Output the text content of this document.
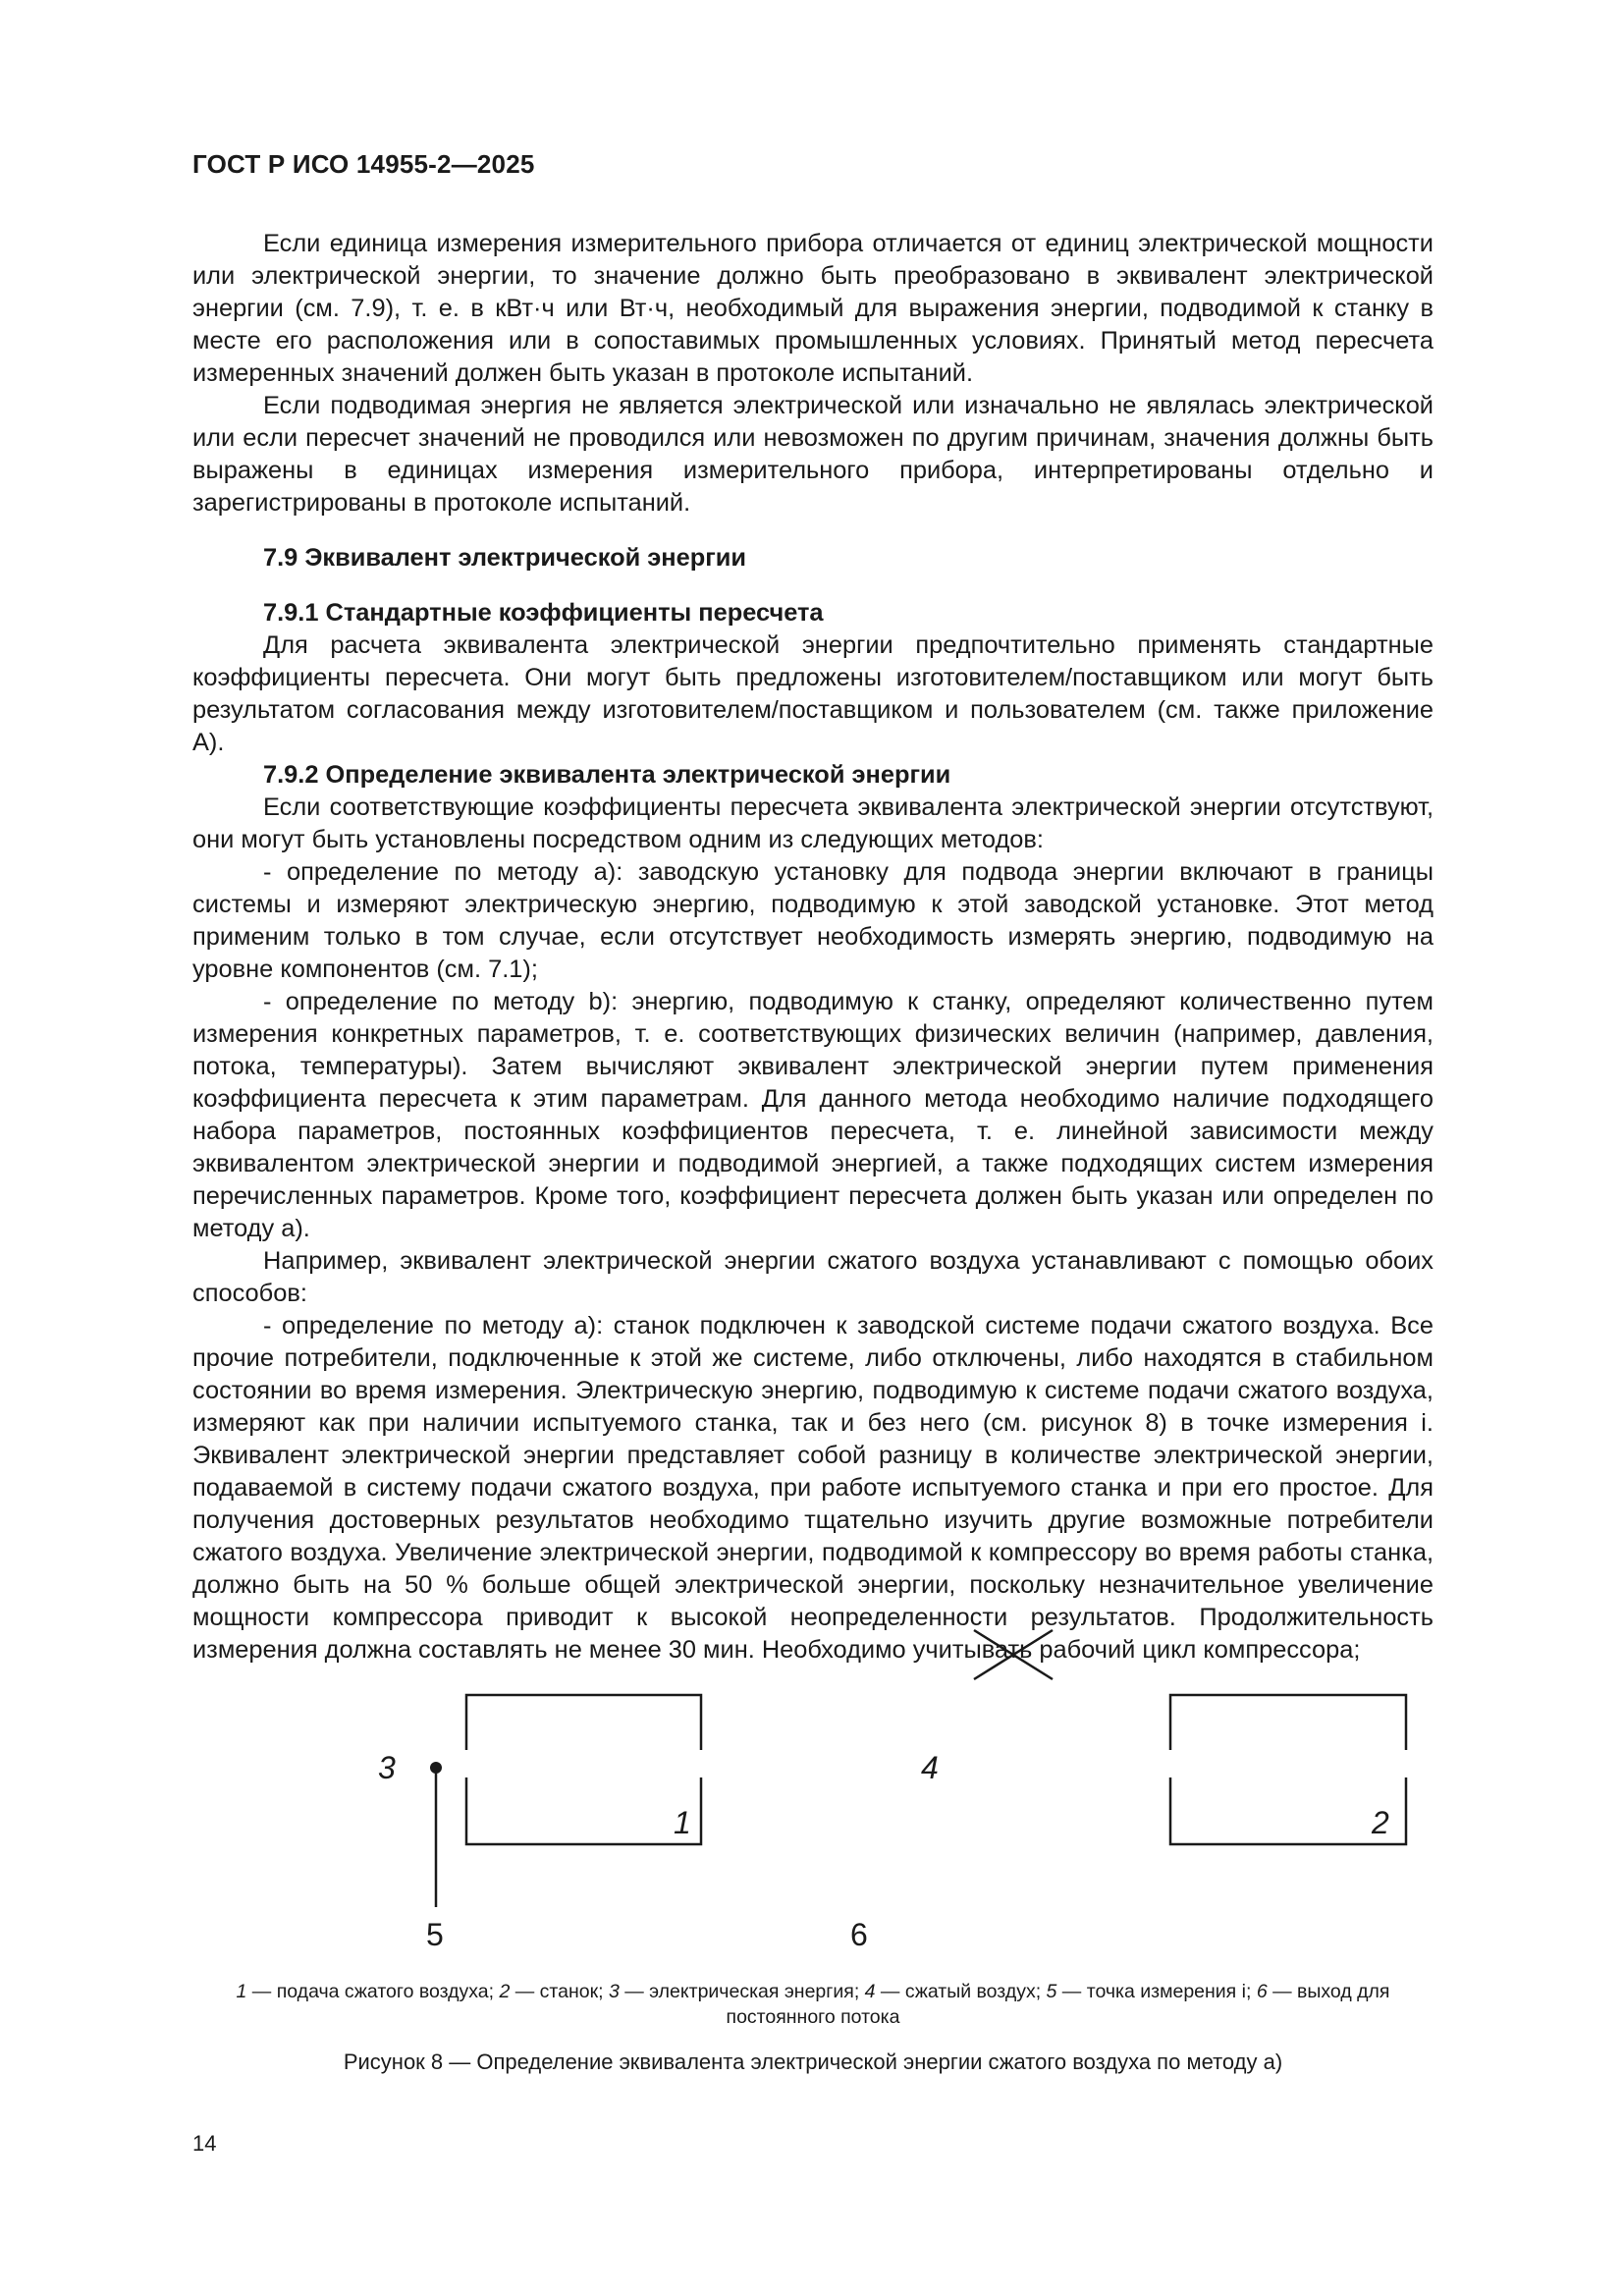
ГОСТ Р ИСО 14955-2—2025

Если единица измерения измерительного прибора отличается от единиц электрической мощности или электрической энергии, то значение должно быть преобразовано в эквивалент электрической энергии (см. 7.9), т. е. в кВт·ч или Вт·ч, необходимый для выражения энергии, подводимой к станку в месте его расположения или в сопоставимых промышленных условиях. Принятый метод пересчета измеренных значений должен быть указан в протоколе испытаний.

Если подводимая энергия не является электрической или изначально не являлась электрической или если пересчет значений не проводился или невозможен по другим причинам, значения должны быть выражены в единицах измерения измерительного прибора, интерпретированы отдельно и зарегистрированы в протоколе испытаний.

7.9 Эквивалент электрической энергии
7.9.1 Стандартные коэффициенты пересчета

Для расчета эквивалента электрической энергии предпочтительно применять стандартные коэффициенты пересчета. Они могут быть предложены изготовителем/поставщиком или могут быть результатом согласования между изготовителем/поставщиком и пользователем (см. также приложение А).

7.9.2 Определение эквивалента электрической энергии

Если соответствующие коэффициенты пересчета эквивалента электрической энергии отсутствуют, они могут быть установлены посредством одним из следующих методов:

- определение по методу a): заводскую установку для подвода энергии включают в границы системы и измеряют электрическую энергию, подводимую к этой заводской установке. Этот метод применим только в том случае, если отсутствует необходимость измерять энергию, подводимую на уровне компонентов (см. 7.1);

- определение по методу b): энергию, подводимую к станку, определяют количественно путем измерения конкретных параметров, т. е. соответствующих физических величин (например, давления, потока, температуры). Затем вычисляют эквивалент электрической энергии путем применения коэффициента пересчета к этим параметрам. Для данного метода необходимо наличие подходящего набора параметров, постоянных коэффициентов пересчета, т. е. линейной зависимости между эквивалентом электрической энергии и подводимой энергией, а также подходящих систем измерения перечисленных параметров. Кроме того, коэффициент пересчета должен быть указан или определен по методу а).

Например, эквивалент электрической энергии сжатого воздуха устанавливают с помощью обоих способов:

- определение по методу а): станок подключен к заводской системе подачи сжатого воздуха. Все прочие потребители, подключенные к этой же системе, либо отключены, либо находятся в стабильном состоянии во время измерения. Электрическую энергию, подводимую к системе подачи сжатого воздуха, измеряют как при наличии испытуемого станка, так и без него (см. рисунок 8) в точке измерения i. Эквивалент электрической энергии представляет собой разницу в количестве электрической энергии, подаваемой в систему подачи сжатого воздуха, при работе испытуемого станка и при его простое. Для получения достоверных результатов необходимо тщательно изучить другие возможные потребители сжатого воздуха. Увеличение электрической энергии, подводимой к компрессору во время работы станка, должно быть на 50 % больше общей электрической энергии, поскольку незначительное увеличение мощности компрессора приводит к высокой неопределенности результатов. Продолжительность измерения должна составлять не менее 30 мин. Необходимо учитывать рабочий цикл компрессора;

3	4
1	2
5	6
1 — подача сжатого воздуха; 2 — станок; 3 — электрическая энергия; 4 — сжатый воздух; 5 — точка измерения i; 6 — выход для постоянного потока
Рисунок 8 — Определение эквивалента электрической энергии сжатого воздуха по методу а)
14
